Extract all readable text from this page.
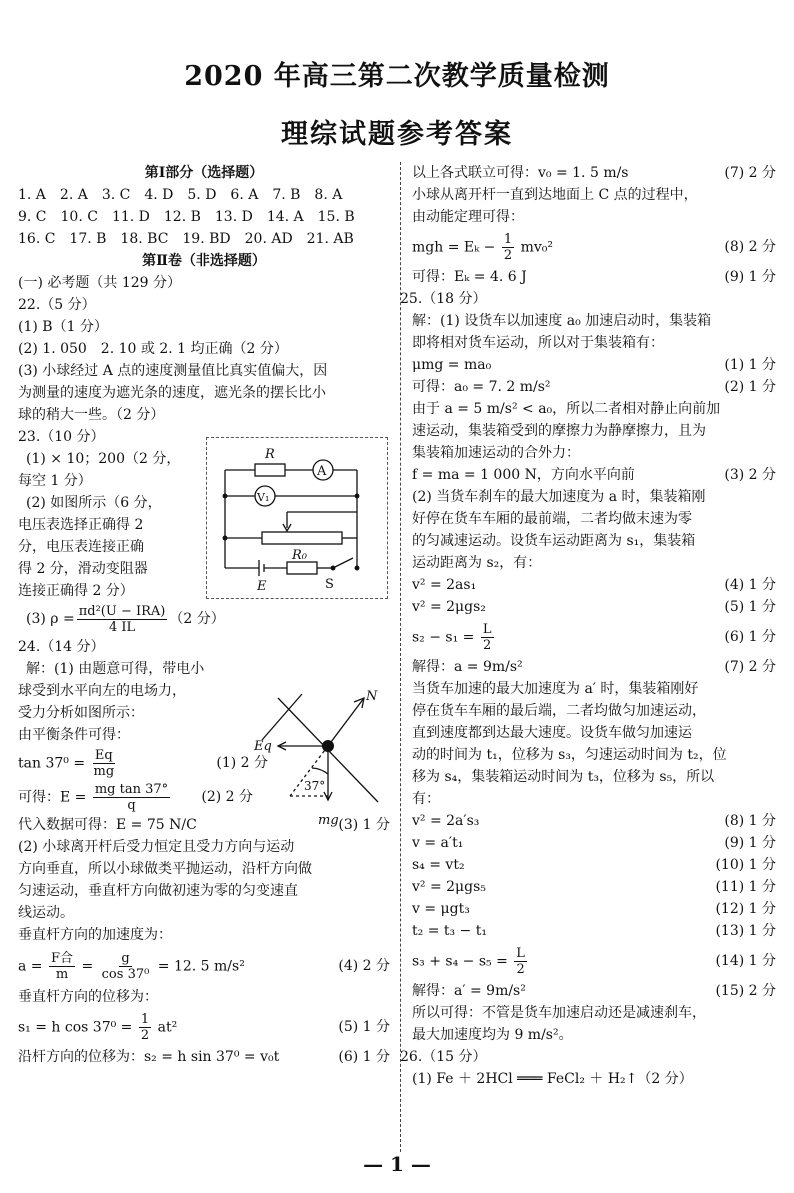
2020 年高三第二次教学质量检测
理综试题参考答案
第Ⅰ部分（选择题）
1. A　2. A　3. C　4. D　5. D　6. A　7. B　8. A
9. C　10. C　11. D　12. B　13. D　14. A　15. B
16. C　17. B　18. BC　19. BD　20. AD　21. AB
第Ⅱ卷（非选择题）
(一) 必考题（共 129 分）
22.（5 分）
(1) B（1 分）
(2) 1. 050　2. 10 或 2. 1 均正确（2 分）
(3) 小球经过 A 点的速度测量值比真实值偏大，因
为测量的速度为遮光条的速度，遮光条的摆长比小
球的稍大一些。（2 分）
23.（10 分）
(1) × 10；200（2 分，
每空 1 分）
(2) 如图所示（6 分，
电压表选择正确得 2
分，电压表连接正确
得 2 分，滑动变阻器
连接正确得 2 分）
(3) $\rho = \frac{\text{πd²(U − IRA)}}{4 IL} (2$ 分）
24.（14 分）
解：(1) 由题意可得，带电小
球受到水平向左的电场力，
受力分析如图所示：
由平衡条件可得：
$\tan 37^0 = \frac{Eq}{mg}$	(1) 2 分
可得：$E = \frac{\text{mg tan 37°}}{q} (2)$ 2 分
代入数据可得：E = 75 N/C	(3) 1 分
(2) 小球离开杆后受力恒定且受力方向与运动
方向垂直，所以小球做类平抛运动，沿杆方向做
匀速运动，垂直杆方向做初速为零的匀变速直
线运动。
垂直杆方向的加速度为：
$a = \frac{\text{F合}}{m} = \frac{g}{\text{cos 37⁰}} = 12$. 5 m/s²	(4) 2 分
垂直杆方向的位移为：
s₁ = h $\cos 37^0 = \frac{1}{2} at^2$	(5) 1 分
沿杆方向的位移为：s₂ = h sin 37⁰ = v₀t	(6) 1 分
R
A
V₁
R₀
E	S
N
Eq
37°
mg
以上各式联立可得：v₀ = 1. 5 m/s	(7) 2 分
小球从离开杆一直到达地面上 C 点的过程中，
由动能定理可得：
mgh = $E_k - \frac{1}{2} mv_0^2$	(8) 2 分
可得：Eₖ = 4. 6 J	(9) 1 分
25.（18 分）
解：(1) 设货车以加速度 a₀ 加速启动时，集装箱
即将相对货车运动，所以对于集装箱有：
μmg = ma₀	(1) 1 分
可得：a₀ = 7. 2 m/s²	(2) 1 分
由于 a = 5 m/s² < a₀，所以二者相对静止向前加
速运动，集装箱受到的摩擦力为静摩擦力，且为
集装箱加速运动的合外力：
f = ma = 1 000 N，方向水平向前	(3) 2 分
(2) 当货车刹车的最大加速度为 a 时，集装箱刚
好停在货车车厢的最前端，二者均做末速为零
的匀减速运动。设货车运动距离为 s₁，集装箱
运动距离为 s₂，有：
v² = 2as₁	(4) 1 分
v² = 2μgs₂	(5) 1 分
$s_2 - s_1 = \frac{L}{2}$	(6) 1 分
解得：a = 9m/s²	(7) 2 分
当货车加速的最大加速度为 a′ 时，集装箱刚好
停在货车车厢的最后端，二者均做匀加速运动，
直到速度都到达最大速度。设货车做匀加速运
动的时间为 t₁，位移为 s₃，匀速运动时间为 t₂，位
移为 s₄，集装箱运动时间为 t₃，位移为 s₅，所以
有：
v² = 2a′s₃	(8) 1 分
v = a′t₁	(9) 1 分
s₄ = vt₂	(10) 1 分
v² = 2μgs₅	(11) 1 分
v = μgt₃	(12) 1 分
t₂ = t₃ − t₁	(13) 1 分
$s_3 + s_4 - s_5 = \frac{L}{2}$	(14) 1 分
解得：a′ = 9m/s²	(15) 2 分
所以可得：不管是货车加速启动还是减速刹车，
最大加速度均为 9 m/s²。
26.（15 分）
(1) Fe ＋ 2HCl ═══ FeCl₂ ＋ H₂↑（2 分）
— 1 —
